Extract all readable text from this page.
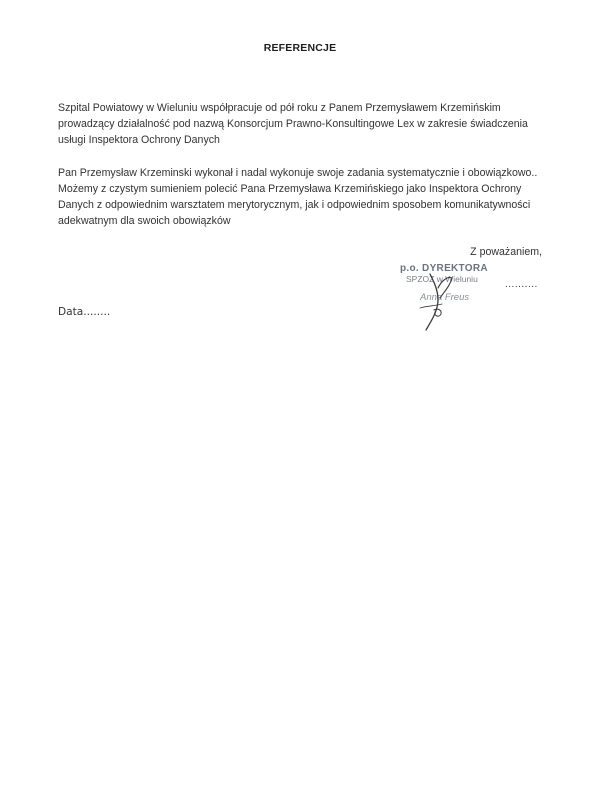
REFERENCJE
Szpital Powiatowy w Wieluniu współpracuje od pół roku z Panem Przemysławem Krzemińskim
prowadzący działalność pod nazwą Konsorcjum Prawno-Konsultingowe Lex w zakresie świadczenia
usługi Inspektora Ochrony Danych
Pan Przemysław Krzeminski wykonał i nadal wykonuje swoje zadania systematycznie i obowiązkowo..
Możemy z czystym sumieniem polecić Pana Przemysława Krzemińskiego jako Inspektora Ochrony
Danych z odpowiednim warsztatem merytorycznym, jak i odpowiednim sposobem komunikatywności
adekwatnym dla swoich obowiązków
Z poważaniem,
p.o. DYREKTORA
SPZOZ w Wieluniu
Anna Freus
..........
Data........
